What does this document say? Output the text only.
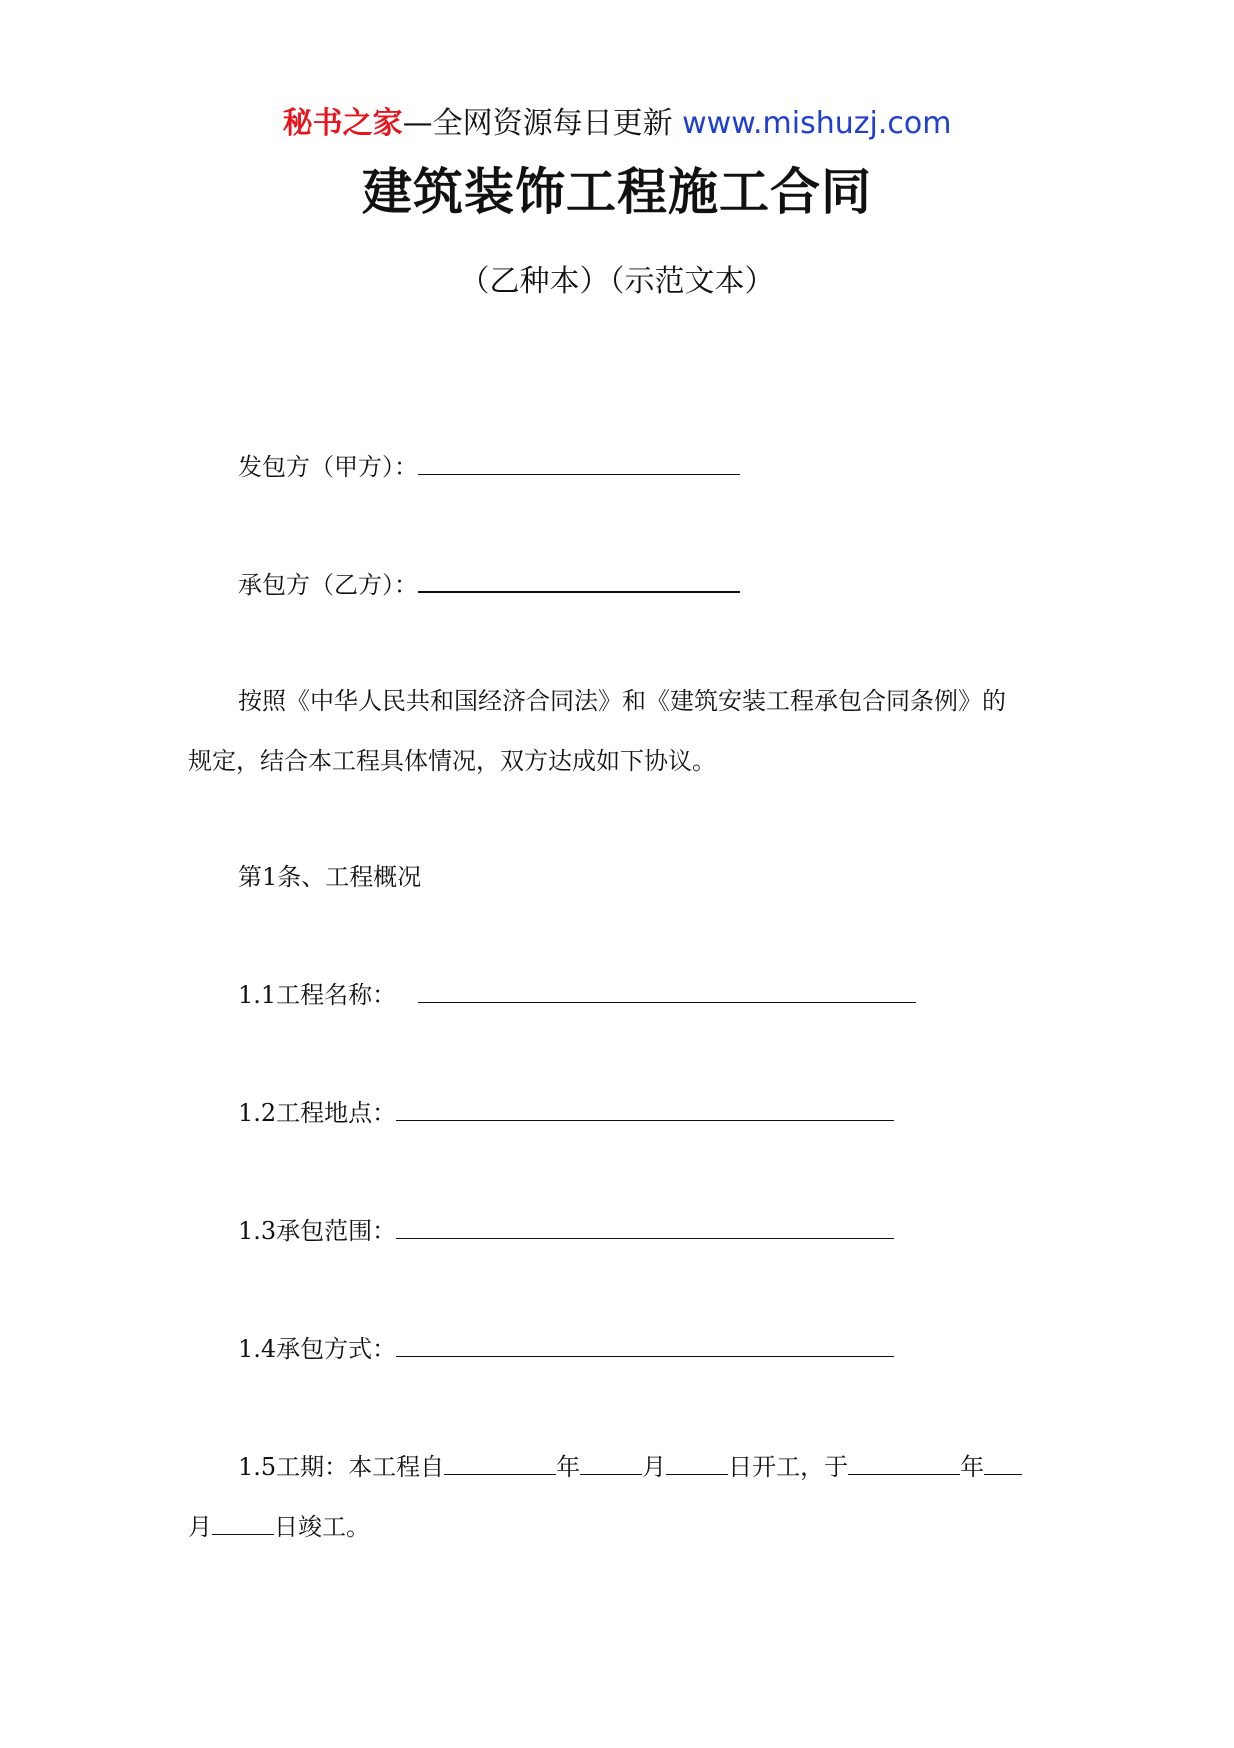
秘书之家—全网资源每日更新 www.mishuzj.com
建筑装饰工程施工合同
（乙种本）（示范文本）
发包方（甲方）：
承包方（乙方）：
按照《中华人民共和国经济合同法》和《建筑安装工程承包合同条例》的
规定，结合本工程具体情况，双方达成如下协议。
第1条、工程概况
1.1工程名称：
1.2工程地点：
1.3承包范围：
1.4承包方式：
1.5工期：本工程自	年	月	日开工，于	年
月	日竣工。
